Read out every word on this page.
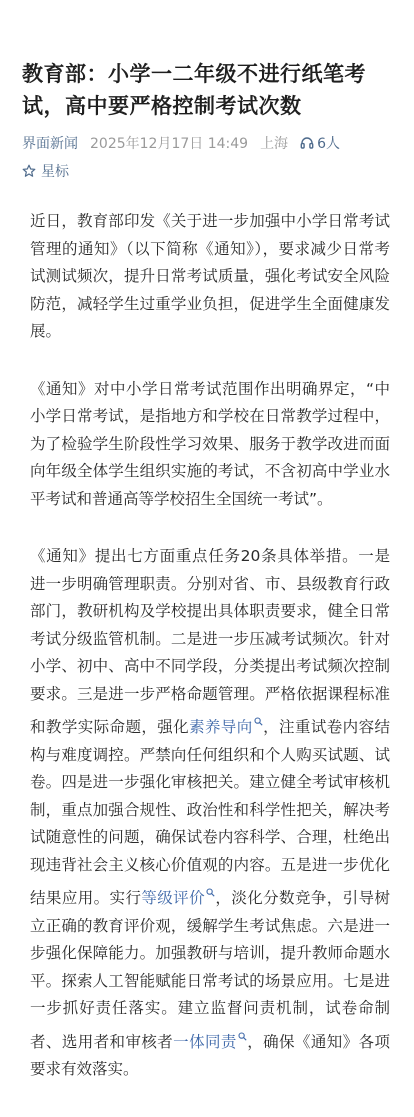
教育部：小学一二年级不进行纸笔考试，高中要严格控制考试次数
界面新闻 2025年12月17日 14:49 上海 6人
星标

近日，教育部印发《关于进一步加强中小学日常考试管理的通知》（以下简称《通知》），要求减少日常考试测试频次，提升日常考试质量，强化考试安全风险防范，减轻学生过重学业负担，促进学生全面健康发展。

《通知》对中小学日常考试范围作出明确界定，“中小学日常考试，是指地方和学校在日常教学过程中，为了检验学生阶段性学习效果、服务于教学改进而面向年级全体学生组织实施的考试，不含初高中学业水平考试和普通高等学校招生全国统一考试”。

《通知》提出七方面重点任务20条具体举措。一是进一步明确管理职责。分别对省、市、县级教育行政部门，教研机构及学校提出具体职责要求，健全日常考试分级监管机制。二是进一步压减考试频次。针对小学、初中、高中不同学段，分类提出考试频次控制要求。三是进一步严格命题管理。严格依据课程标准和教学实际命题，强化素养导向 ，注重试卷内容结构与难度调控。严禁向任何组织和个人购买试题、试卷。四是进一步强化审核把关。建立健全考试审核机制，重点加强合规性、政治性和科学性把关，解决考试随意性的问题，确保试卷内容科学、合理，杜绝出现违背社会主义核心价值观的内容。五是进一步优化结果应用。实行等级评价 ，淡化分数竞争，引导树立正确的教育评价观，缓解学生考试焦虑。六是进一步强化保障能力。加强教研与培训，提升教师命题水平。探索人工智能赋能日常考试的场景应用。七是进一步抓好责任落实。建立监督问责机制，试卷命制者、选用者和审核者一体同责 ，确保《通知》各项要求有效落实。
